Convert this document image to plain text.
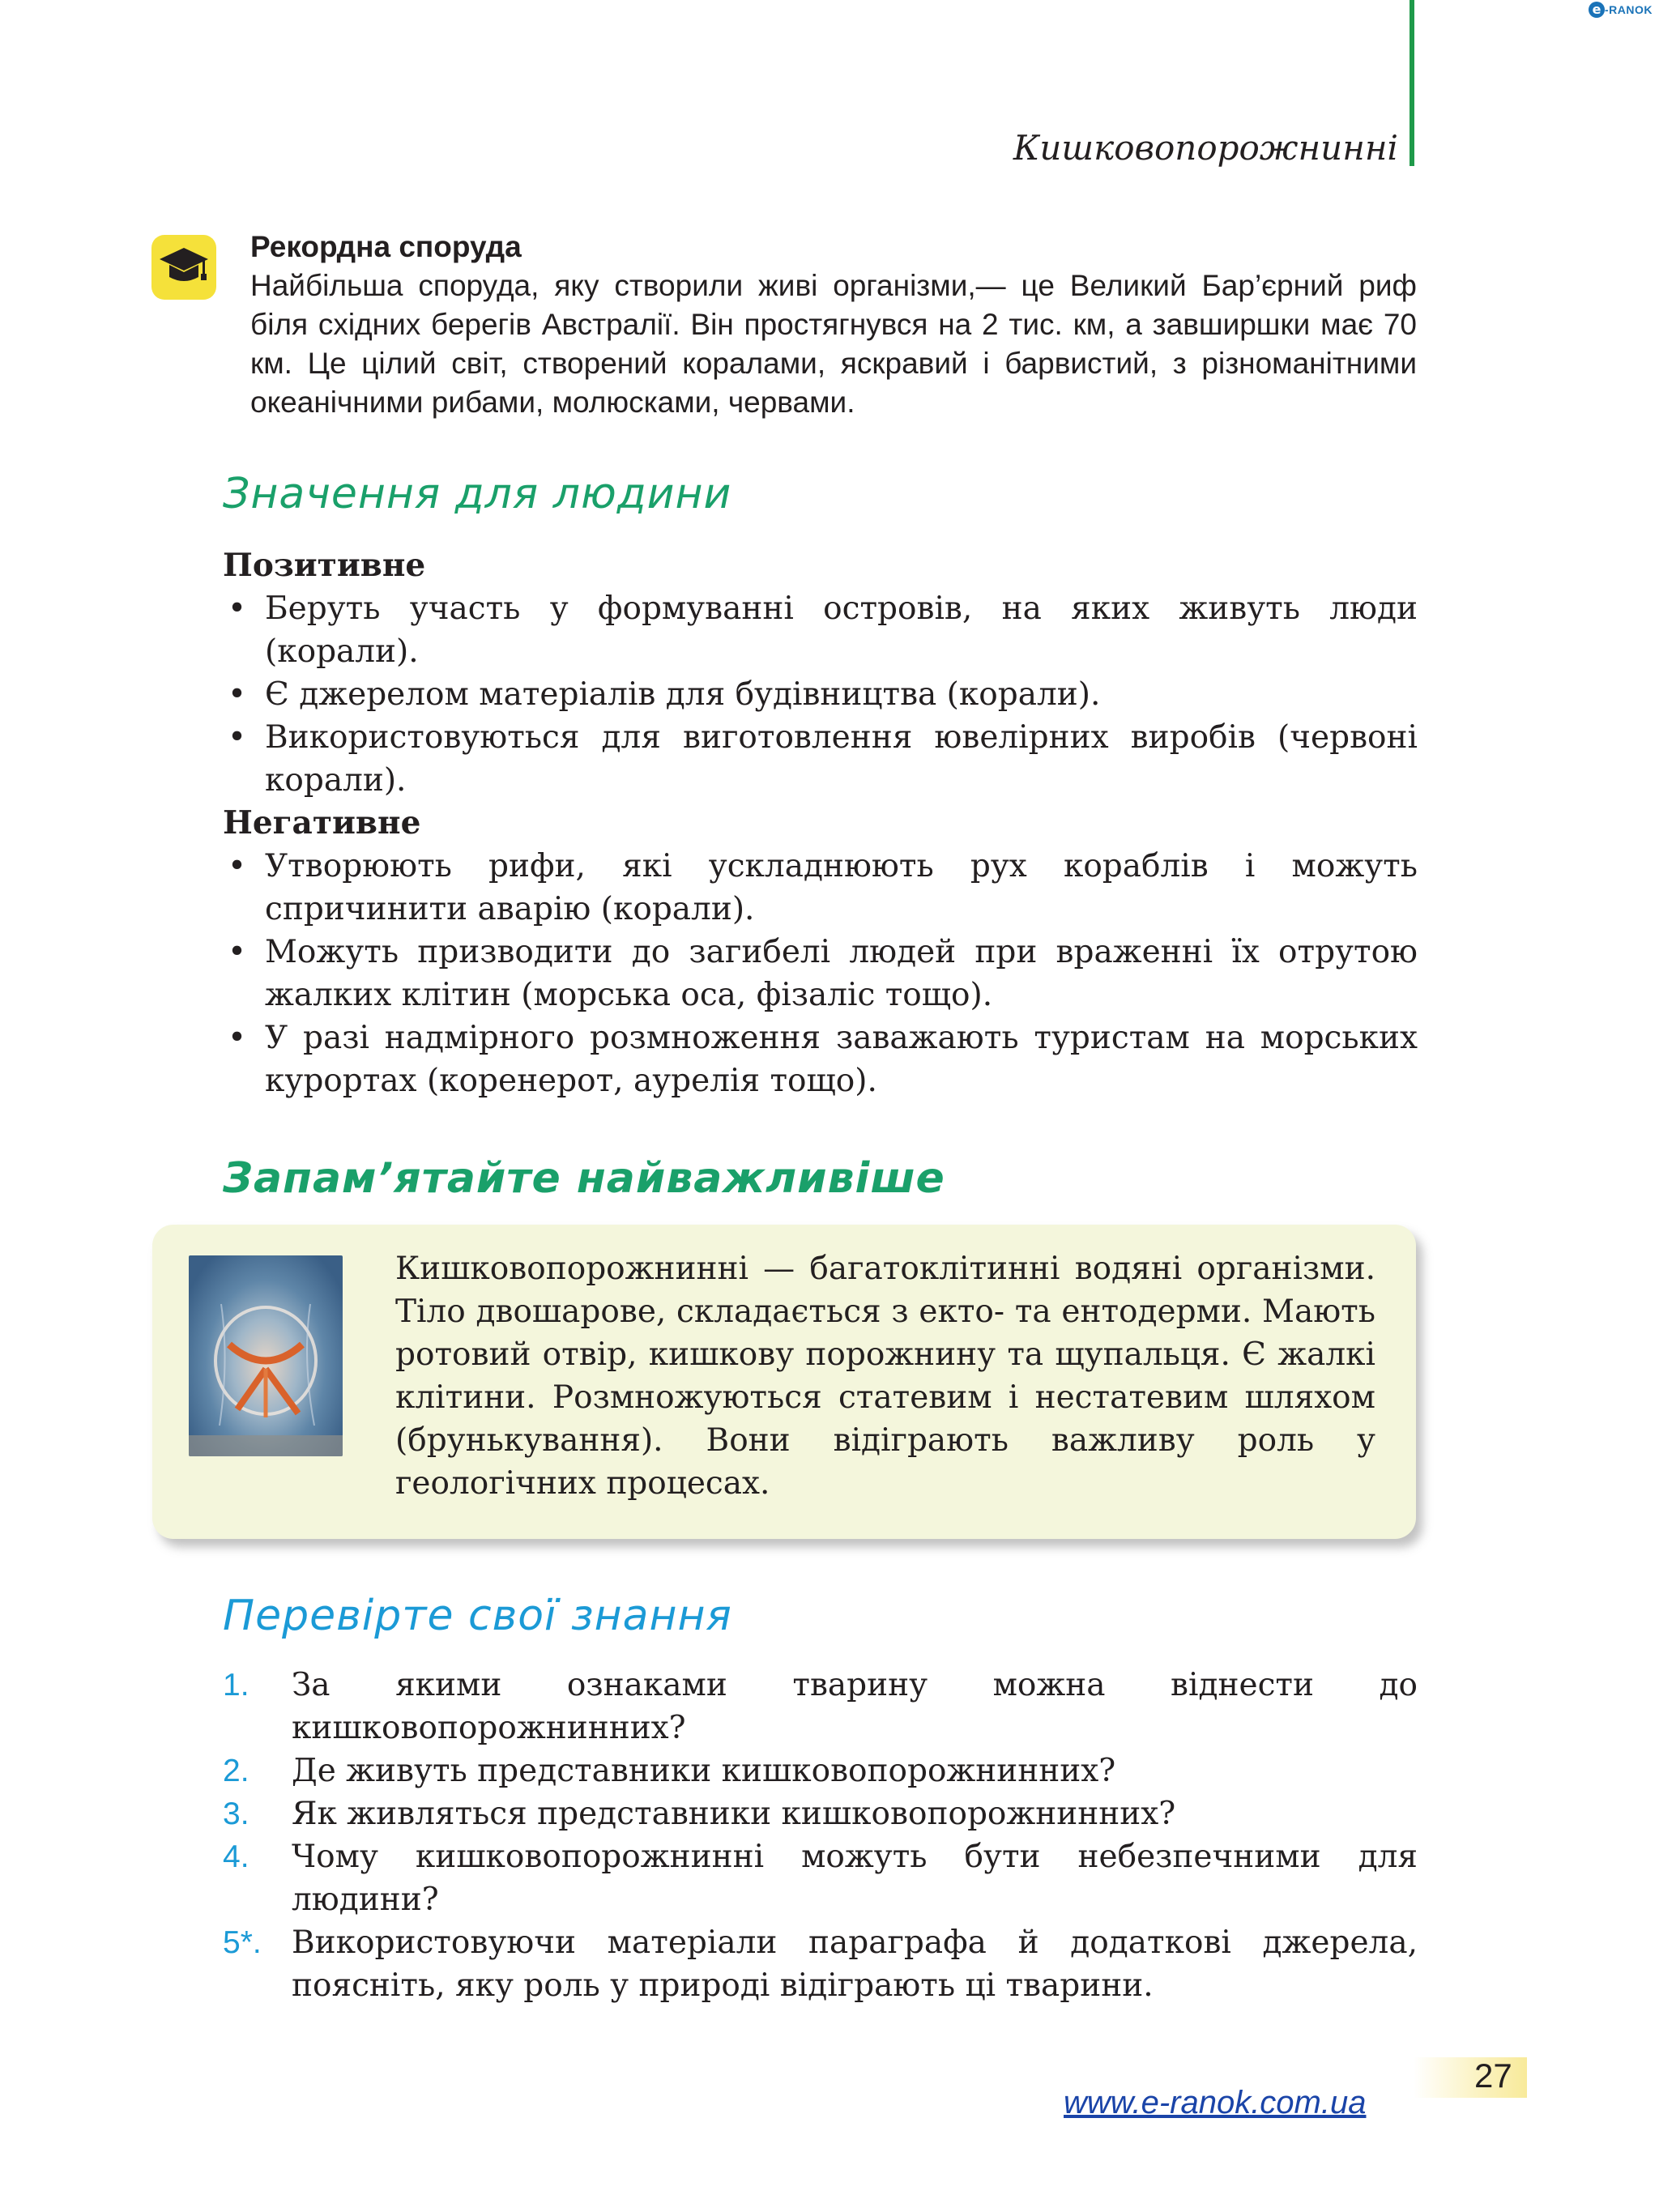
e -RANOK
Кишковопорожнинні
Рекордна споруда
Найбільша споруда, яку створили живі організми,— це Великий Бар’єрний риф біля східних берегів Австралії. Він простягнувся на 2 тис. км, а завширшки має 70 км. Це цілий світ, створений коралами, яскравий і барвистий, з різноманітними океанічними рибами, молюсками, червами.
Значення для людини
Позитивне
• Беруть участь у формуванні островів, на яких живуть люди (корали).
• Є джерелом матеріалів для будівництва (корали).
• Використовуються для виготовлення ювелірних виробів (червоні корали).
Негативне
• Утворюють рифи, які ускладнюють рух кораблів і можуть спричинити аварію (корали).
• Можуть призводити до загибелі людей при враженні їх отрутою жалких клітин (морська оса, фізаліс тощо).
• У разі надмірного розмноження заважають туристам на морських курортах (коренерот, аурелія тощо).
Запам’ятайте найважливіше
Кишковопорожнинні — багатоклітинні водяні організми. Тіло двошарове, складається з екто- та ентодерми. Мають ротовий отвір, кишкову порожнину та щупальця. Є жалкі клітини. Розмножуються статевим і нестатевим шляхом (брунькування). Вони відіграють важливу роль у геологічних процесах.
Перевірте свої знання
1. За якими ознаками тварину можна віднести до кишковопорожнинних?
2. Де живуть представники кишковопорожнинних?
3. Як живляться представники кишковопорожнинних?
4. Чому кишковопорожнинні можуть бути небезпечними для людини?
5*. Використовуючи матеріали параграфа й додаткові джерела, поясніть, яку роль у природі відіграють ці тварини.
27
www.e-ranok.com.ua
